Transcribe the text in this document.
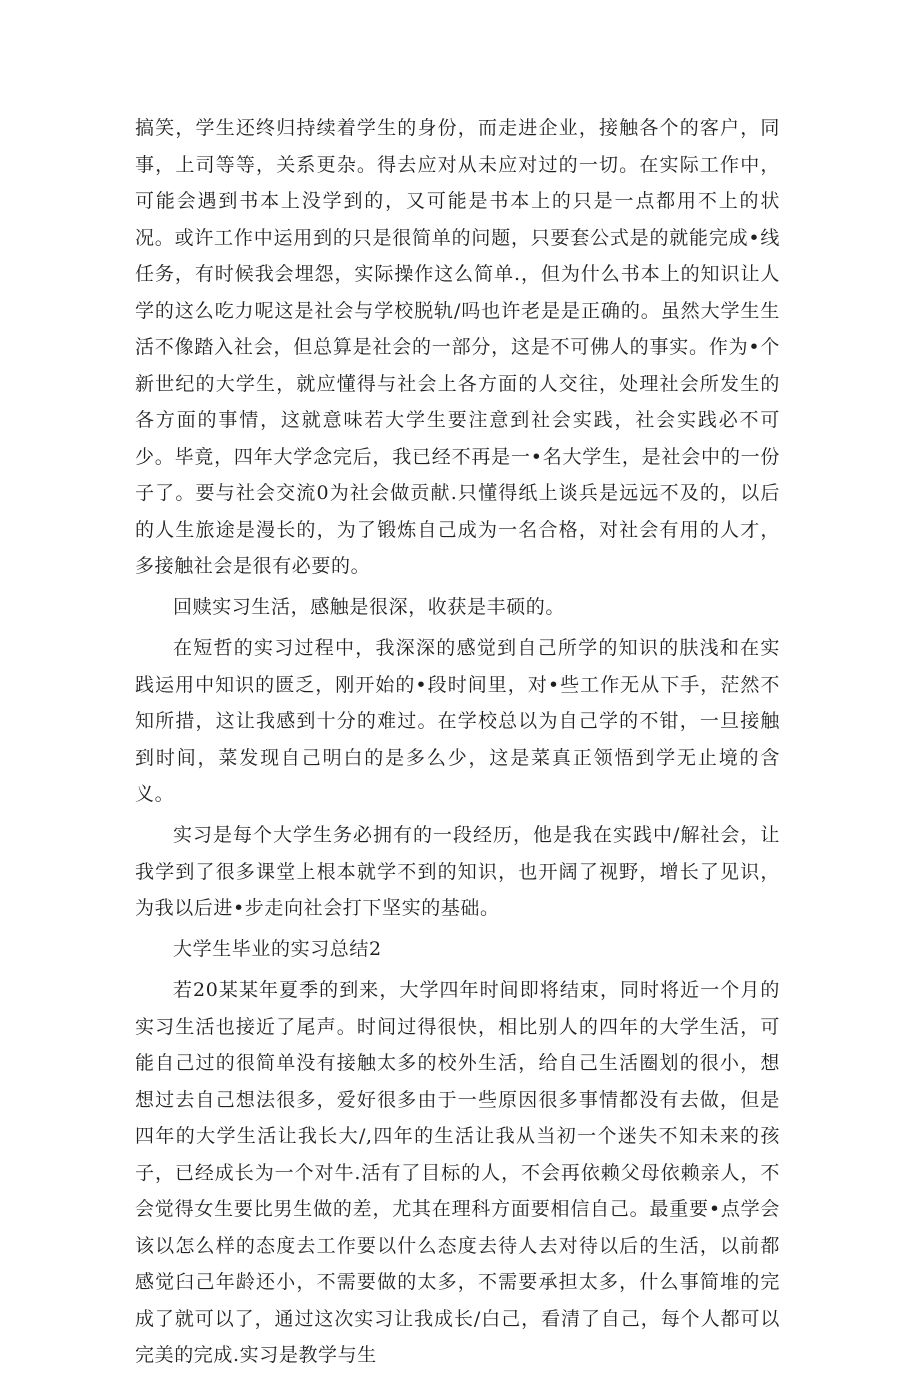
搞笑，学生还终归持续着学生的身份，而走进企业，接触各个的客户，同事，上司等等，关系更杂。得去应对从未应对过的一切。在实际工作中，可能会遇到书本上没学到的，又可能是书本上的只是一点都用不上的状况。或许工作中运用到的只是很简单的问题，只要套公式是的就能完成•线任务，有时候我会埋怨，实际操作这么简单.，但为什么书本上的知识让人学的这么吃力呢这是社会与学校脱轨/吗也许老是是正确的。虽然大学生生活不像踏入社会，但总算是社会的一部分，这是不可佛人的事实。作为•个新世纪的大学生，就应懂得与社会上各方面的人交往，处理社会所发生的各方面的事情，这就意味若大学生要注意到社会实践，社会实践必不可少。毕竟，四年大学念完后，我已经不再是一•名大学生，是社会中的一份子了。要与社会交流0为社会做贡献.只懂得纸上谈兵是远远不及的，以后的人生旅途是漫长的，为了锻炼自己成为一名合格，对社会有用的人才，多接触社会是很有必要的。

回赎实习生活，感触是很深，收获是丰硕的。

在短哲的实习过程中，我深深的感觉到自己所学的知识的肤浅和在实践运用中知识的匮乏，刚开始的•段时间里，对•些工作无从下手，茫然不知所措，这让我感到十分的难过。在学校总以为自己学的不钳，一旦接触到时间，菜发现自己明白的是多么少，这是菜真正领悟到学无止境的含义。

实习是每个大学生务必拥有的一段经历，他是我在实践中/解社会，让我学到了很多课堂上根本就学不到的知识，也开阔了视野，增长了见识，为我以后进•步走向社会打下坚实的基础。

大学生毕业的实习总结2

若20某某年夏季的到来，大学四年时间即将结束，同时将近一个月的实习生活也接近了尾声。时间过得很快，相比别人的四年的大学生活，可能自己过的很简单没有接触太多的校外生活，给自己生活圈划的很小，想想过去自己想法很多，爱好很多由于一些原因很多事情都没有去做，但是四年的大学生活让我长大/,四年的生活让我从当初一个迷失不知未来的孩子，已经成长为一个对牛.活有了目标的人，不会再依赖父母依赖亲人，不会觉得女生要比男生做的差，尤其在理科方面要相信自己。最重要•点学会该以怎么样的态度去工作要以什么态度去待人去对待以后的生活，以前都感觉臼己年龄还小，不需要做的太多，不需要承担太多，什么事简堆的完成了就可以了，通过这次实习让我成长/白己，看清了自己，每个人都可以完美的完成.实习是教学与生
